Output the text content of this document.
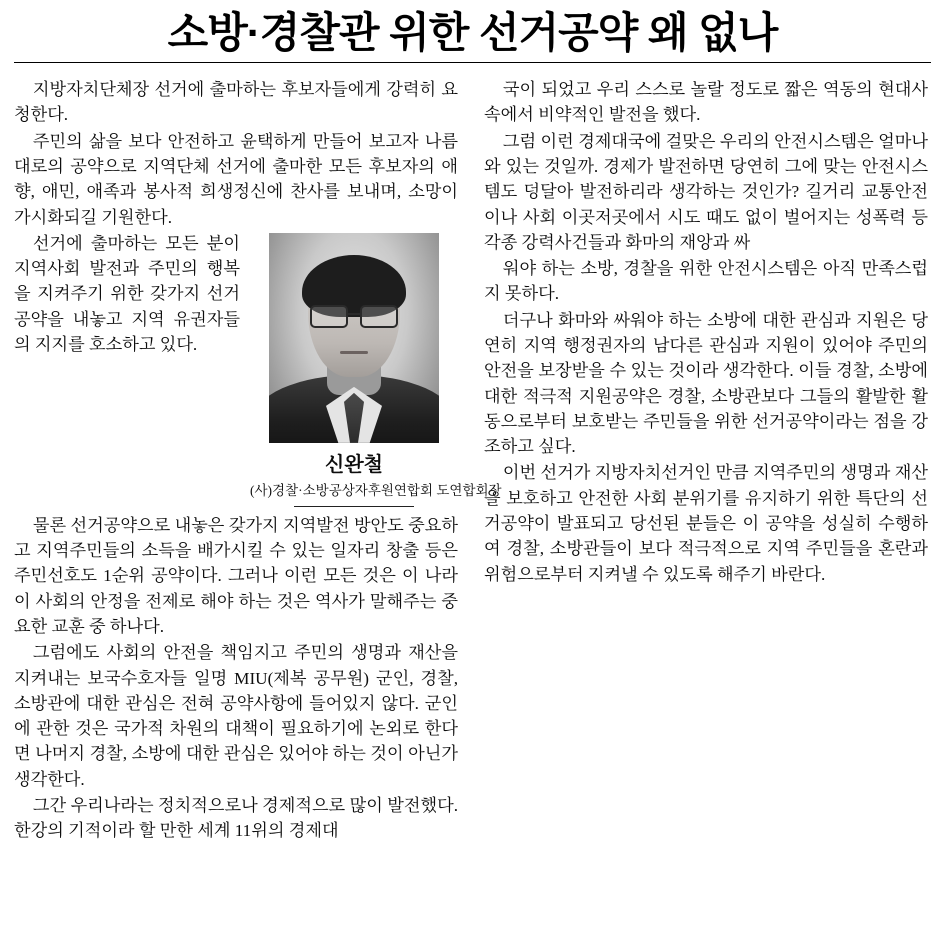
소방·경찰관 위한 선거공약 왜 없나

지방자치단체장 선거에 출마하는 후보자들에게 강력히 요청한다.

주민의 삶을 보다 안전하고 윤택하게 만들어 보고자 나름대로의 공약으로 지역단체 선거에 출마한 모든 후보자의 애향, 애민, 애족과 봉사적 희생정신에 찬사를 보내며, 소망이 가시화되길 기원한다.

신완철

(사)경찰·소방공상자후원연합회 도연합회장

선거에 출마하는 모든 분이 지역사회 발전과 주민의 행복을 지켜주기 위한 갖가지 선거공약을 내놓고 지역 유권자들의 지지를 호소하고 있다.

물론 선거공약으로 내놓은 갖가지 지역발전 방안도 중요하고 지역주민들의 소득을 배가시킬 수 있는 일자리 창출 등은 주민선호도 1순위 공약이다. 그러나 이런 모든 것은 이 나라 이 사회의 안정을 전제로 해야 하는 것은 역사가 말해주는 중요한 교훈 중 하나다.

그럼에도 사회의 안전을 책임지고 주민의 생명과 재산을 지켜내는 보국수호자들 일명 MIU(제복 공무원) 군인, 경찰, 소방관에 대한 관심은 전혀 공약사항에 들어있지 않다. 군인에 관한 것은 국가적 차원의 대책이 필요하기에 논외로 한다면 나머지 경찰, 소방에 대한 관심은 있어야 하는 것이 아닌가 생각한다.

그간 우리나라는 정치적으로나 경제적으로 많이 발전했다. 한강의 기적이라 할 만한 세계 11위의 경제대

국이 되었고 우리 스스로 놀랄 정도로 짧은 역동의 현대사 속에서 비약적인 발전을 했다.

그럼 이런 경제대국에 걸맞은 우리의 안전시스템은 얼마나 와 있는 것일까. 경제가 발전하면 당연히 그에 맞는 안전시스템도 덩달아 발전하리라 생각하는 것인가? 길거리 교통안전이나 사회 이곳저곳에서 시도 때도 없이 벌어지는 성폭력 등 각종 강력사건들과 화마의 재앙과 싸

워야 하는 소방, 경찰을 위한 안전시스템은 아직 만족스럽지 못하다.

더구나 화마와 싸워야 하는 소방에 대한 관심과 지원은 당연히 지역 행정권자의 남다른 관심과 지원이 있어야 주민의 안전을 보장받을 수 있는 것이라 생각한다. 이들 경찰, 소방에 대한 적극적 지원공약은 경찰, 소방관보다 그들의 활발한 활동으로부터 보호받는 주민들을 위한 선거공약이라는 점을 강조하고 싶다.

이번 선거가 지방자치선거인 만큼 지역주민의 생명과 재산을 보호하고 안전한 사회 분위기를 유지하기 위한 특단의 선거공약이 발표되고 당선된 분들은 이 공약을 성실히 수행하여 경찰, 소방관들이 보다 적극적으로 지역 주민들을 혼란과 위험으로부터 지켜낼 수 있도록 해주기 바란다.
